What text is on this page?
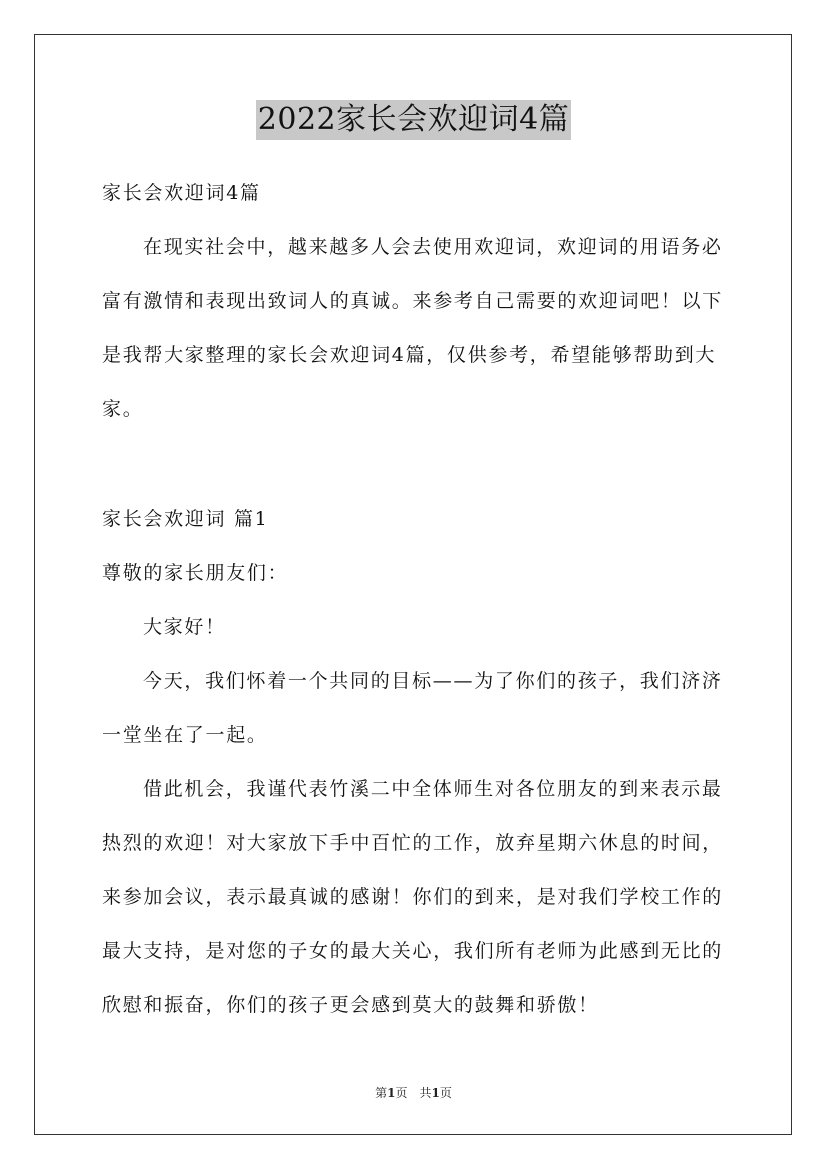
2022家长会欢迎词4篇
家长会欢迎词4篇
在现实社会中，越来越多人会去使用欢迎词，欢迎词的用语务必
富有激情和表现出致词人的真诚。来参考自己需要的欢迎词吧！以下
是我帮大家整理的家长会欢迎词4篇，仅供参考，希望能够帮助到大
家。
家长会欢迎词 篇1
尊敬的家长朋友们：
大家好！
今天，我们怀着一个共同的目标——为了你们的孩子，我们济济
一堂坐在了一起。
借此机会，我谨代表竹溪二中全体师生对各位朋友的到来表示最
热烈的欢迎！对大家放下手中百忙的工作，放弃星期六休息的时间，
来参加会议，表示最真诚的感谢！你们的到来，是对我们学校工作的
最大支持，是对您的子女的最大关心，我们所有老师为此感到无比的
欣慰和振奋，你们的孩子更会感到莫大的鼓舞和骄傲！
第1页　共1页
